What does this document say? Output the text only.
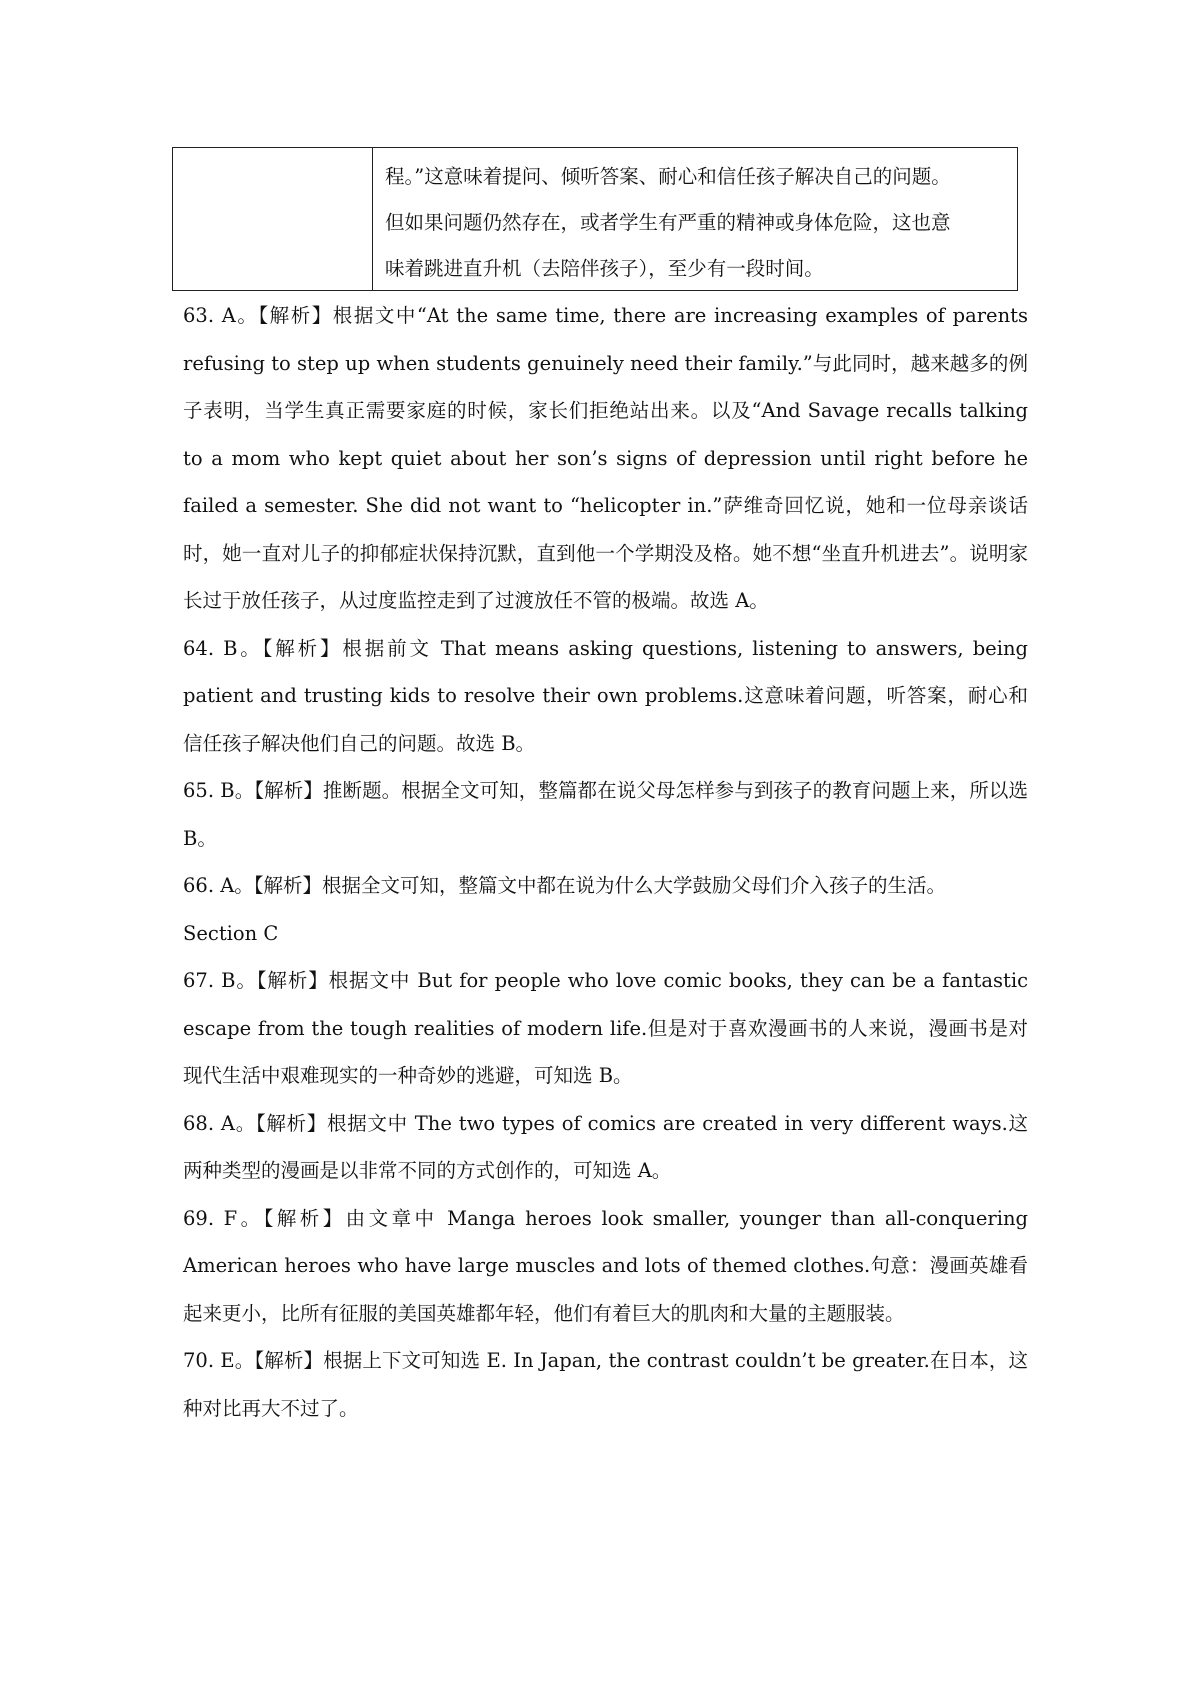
程。”这意味着提问、倾听答案、耐心和信任孩子解决自己的问题。

但如果问题仍然存在，或者学生有严重的精神或身体危险，这也意

味着跳进直升机（去陪伴孩子），至少有一段时间。

63. A。【解析】根据文中“At the same time, there are increasing examples of parents refusing to step up when students genuinely need their family.”与此同时，越来越多的例子表明，当学生真正需要家庭的时候，家长们拒绝站出来。以及“And Savage recalls talking to a mom who kept quiet about her son’s signs of depression until right before he failed a semester. She did not want to “helicopter in.”萨维奇回忆说，她和一位母亲谈话时，她一直对儿子的抑郁症状保持沉默，直到他一个学期没及格。她不想“坐直升机进去”。说明家长过于放任孩子，从过度监控走到了过渡放任不管的极端。故选 A。

64. B。【解析】根据前文 That means asking questions, listening to answers, being patient and trusting kids to resolve their own problems.这意味着问题，听答案，耐心和信任孩子解决他们自己的问题。故选 B。

65. B。【解析】推断题。根据全文可知，整篇都在说父母怎样参与到孩子的教育问题上来，所以选 B。

66. A。【解析】根据全文可知，整篇文中都在说为什么大学鼓励父母们介入孩子的生活。

Section C

67. B。【解析】根据文中 But for people who love comic books, they can be a fantastic escape from the tough realities of modern life.但是对于喜欢漫画书的人来说，漫画书是对现代生活中艰难现实的一种奇妙的逃避，可知选 B。

68. A。【解析】根据文中 The two types of comics are created in very different ways.这两种类型的漫画是以非常不同的方式创作的，可知选 A。

69. F。【解析】由文章中 Manga heroes look smaller, younger than all-conquering American heroes who have large muscles and lots of themed clothes.句意：漫画英雄看起来更小，比所有征服的美国英雄都年轻，他们有着巨大的肌肉和大量的主题服装。

70. E。【解析】根据上下文可知选 E. In Japan, the contrast couldn’t be greater.在日本，这种对比再大不过了。
